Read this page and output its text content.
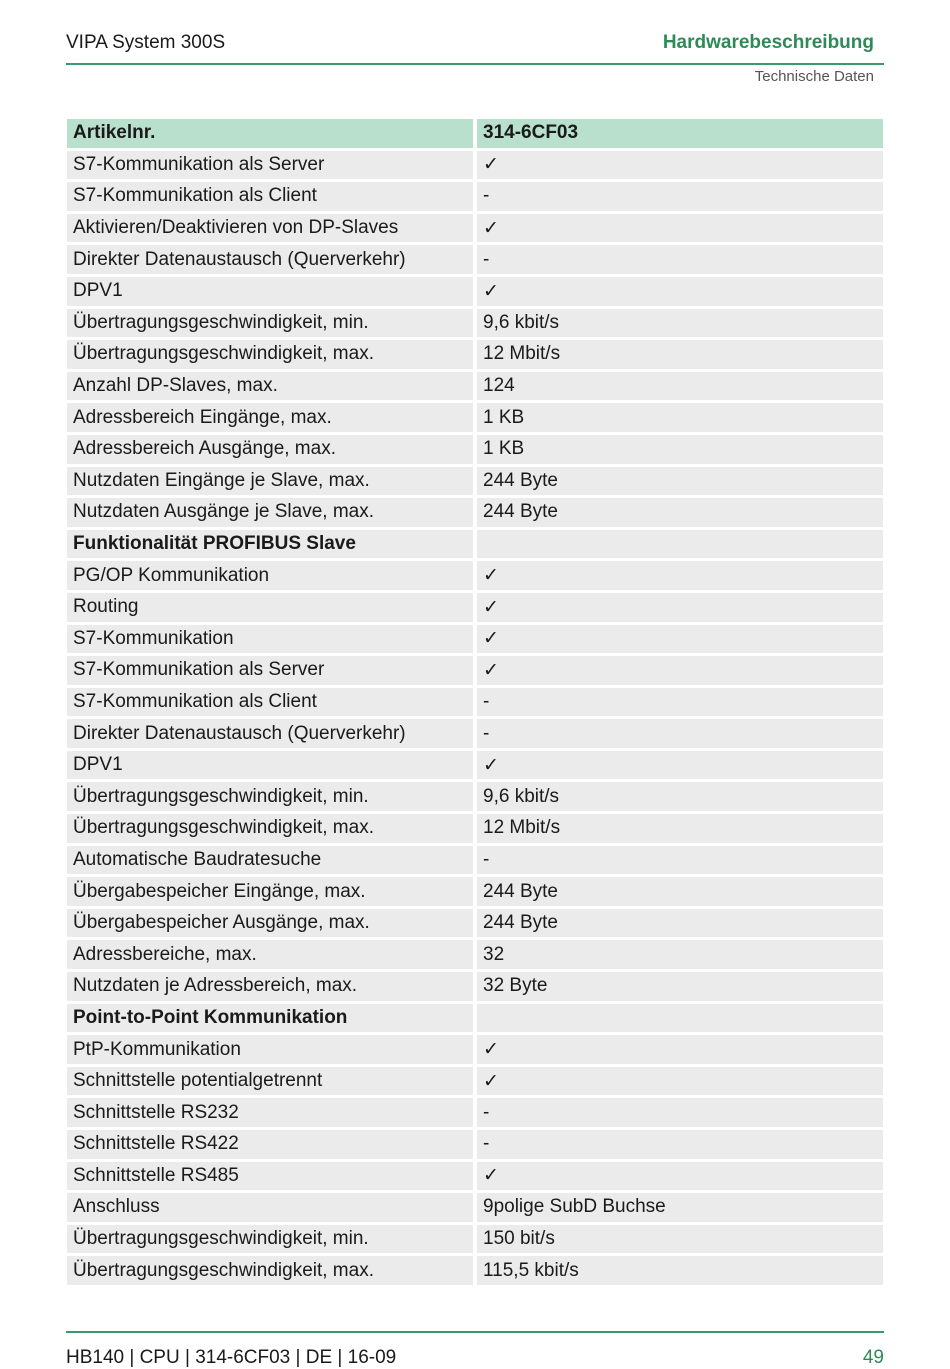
VIPA System 300S	Hardwarebeschreibung
Technische Daten
Artikelnr.	314-6CF03
S7-Kommunikation als Server	✓
S7-Kommunikation als Client	-
Aktivieren/Deaktivieren von DP-Slaves	✓
Direkter Datenaustausch (Querverkehr)	-
DPV1	✓
Übertragungsgeschwindigkeit, min.	9,6 kbit/s
Übertragungsgeschwindigkeit, max.	12 Mbit/s
Anzahl DP-Slaves, max.	124
Adressbereich Eingänge, max.	1 KB
Adressbereich Ausgänge, max.	1 KB
Nutzdaten Eingänge je Slave, max.	244 Byte
Nutzdaten Ausgänge je Slave, max.	244 Byte
Funktionalität PROFIBUS Slave	
PG/OP Kommunikation	✓
Routing	✓
S7-Kommunikation	✓
S7-Kommunikation als Server	✓
S7-Kommunikation als Client	-
Direkter Datenaustausch (Querverkehr)	-
DPV1	✓
Übertragungsgeschwindigkeit, min.	9,6 kbit/s
Übertragungsgeschwindigkeit, max.	12 Mbit/s
Automatische Baudratesuche	-
Übergabespeicher Eingänge, max.	244 Byte
Übergabespeicher Ausgänge, max.	244 Byte
Adressbereiche, max.	32
Nutzdaten je Adressbereich, max.	32 Byte
Point-to-Point Kommunikation	
PtP-Kommunikation	✓
Schnittstelle potentialgetrennt	✓
Schnittstelle RS232	-
Schnittstelle RS422	-
Schnittstelle RS485	✓
Anschluss	9polige SubD Buchse
Übertragungsgeschwindigkeit, min.	150 bit/s
Übertragungsgeschwindigkeit, max.	115,5 kbit/s
HB140 | CPU | 314-6CF03 | DE | 16-09	49
